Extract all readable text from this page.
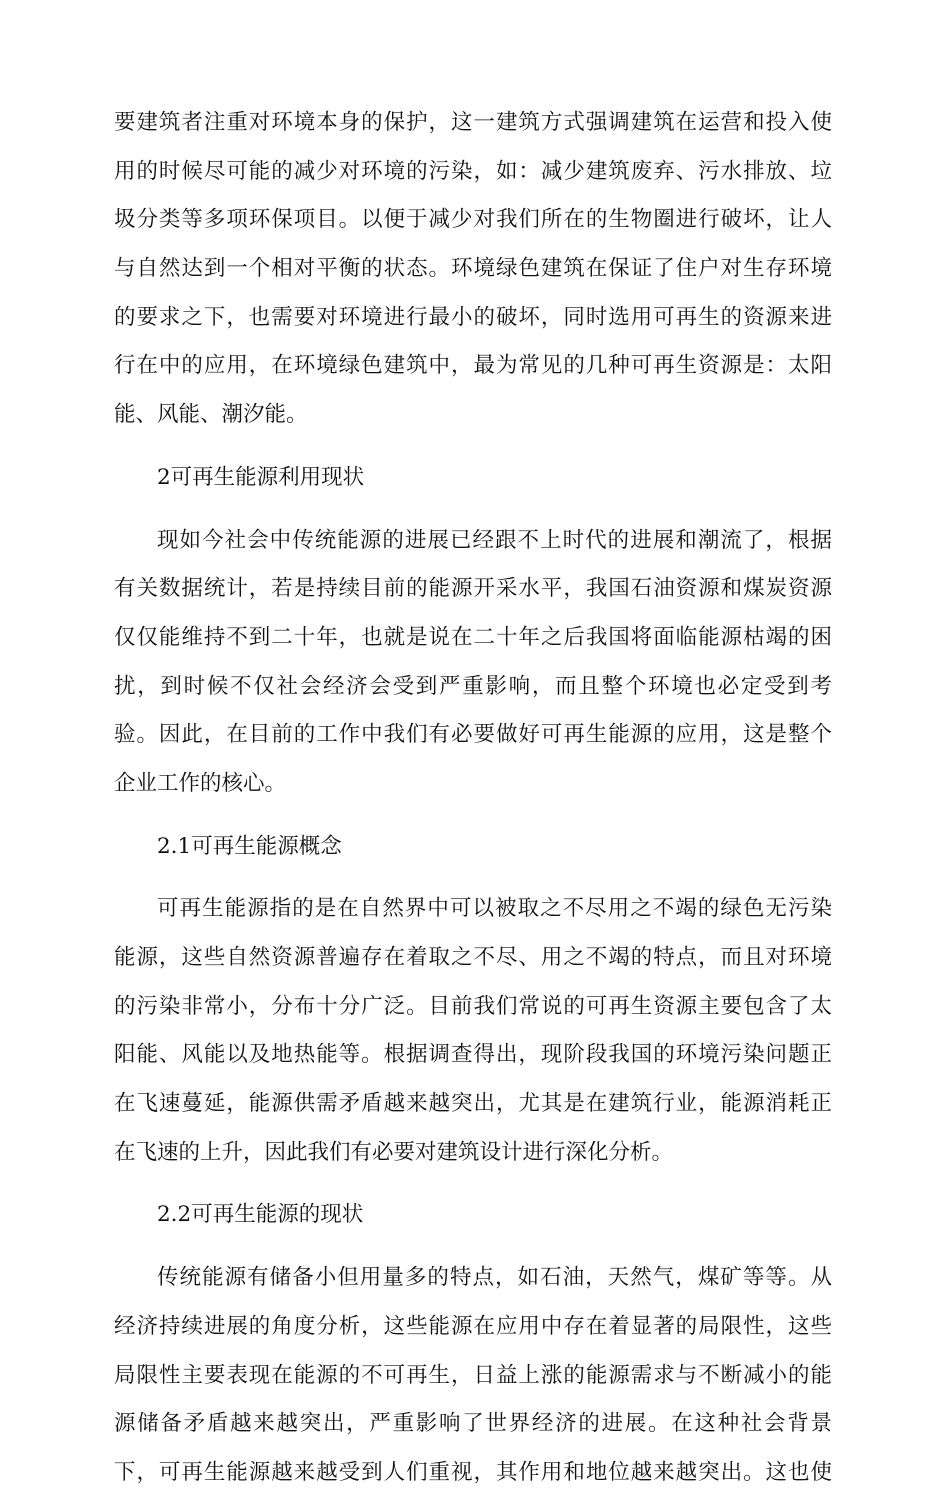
要建筑者注重对环境本身的保护，这一建筑方式强调建筑在运营和投入使
用的时候尽可能的减少对环境的污染，如：减少建筑废弃、污水排放、垃
圾分类等多项环保项目。以便于减少对我们所在的生物圈进行破坏，让人
与自然达到一个相对平衡的状态。环境绿色建筑在保证了住户对生存环境
的要求之下，也需要对环境进行最小的破坏，同时选用可再生的资源来进
行在中的应用，在环境绿色建筑中，最为常见的几种可再生资源是：太阳
能、风能、潮汐能。
2可再生能源利用现状
现如今社会中传统能源的进展已经跟不上时代的进展和潮流了，根据
有关数据统计，若是持续目前的能源开采水平，我国石油资源和煤炭资源
仅仅能维持不到二十年，也就是说在二十年之后我国将面临能源枯竭的困
扰，到时候不仅社会经济会受到严重影响，而且整个环境也必定受到考
验。因此，在目前的工作中我们有必要做好可再生能源的应用，这是整个
企业工作的核心。
2.1可再生能源概念
可再生能源指的是在自然界中可以被取之不尽用之不竭的绿色无污染
能源，这些自然资源普遍存在着取之不尽、用之不竭的特点，而且对环境
的污染非常小，分布十分广泛。目前我们常说的可再生资源主要包含了太
阳能、风能以及地热能等。根据调查得出，现阶段我国的环境污染问题正
在飞速蔓延，能源供需矛盾越来越突出，尤其是在建筑行业，能源消耗正
在飞速的上升，因此我们有必要对建筑设计进行深化分析。
2.2可再生能源的现状
传统能源有储备小但用量多的特点，如石油，天然气，煤矿等等。从
经济持续进展的角度分析，这些能源在应用中存在着显著的局限性，这些
局限性主要表现在能源的不可再生，日益上涨的能源需求与不断减小的能
源储备矛盾越来越突出，严重影响了世界经济的进展。在这种社会背景
下，可再生能源越来越受到人们重视，其作用和地位越来越突出。这也使
